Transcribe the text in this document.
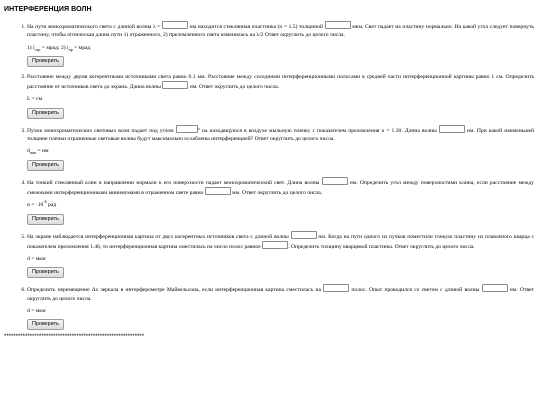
ИНТЕРФЕРЕНЦИЯ ВОЛН
1. На пути монохроматического света с длиной волны λ =	нм находится стеклянная пластинка (n = 1.5) толщиной	мкм. Свет падает на пластину нормально. На какой угол следует повернуть пластину, чтобы оптическая длина пути 1) отраженного, 2) преломленного света изменилась на λ/2 Ответ округлить до целого числа.
1) $i_{отр}$ = мрад; 2) $i_{пр}$ = мрад
Проверить
2. Расстояние между двумя когерентными источниками света равно 0.1 мм. Расстояние между соседними интерференционными полосами в средней части интерференционной картины равно 1 см. Определить расстояние от источников света до экрана. Длина волны	нм. Ответ округлить до целого числа.
L = см
Проверить
3. Пучок монохроматических световых волн падает под углом	° на находящуюся в воздухе мыльную пленку с показателем преломления n = 1.30. Длина волны	нм. При какой наименьшей толщине пленки отраженные световые волны будут максимально ослаблены интерференцией? Ответ округлить до целого числа.
$d_{min}$ = нм
Проверить
4. На тонкий стеклянный клин в направлении нормали к его поверхности падает монохроматический свет. Длина волны	нм. Определить угол между поверхностями клина, если расстояние между смежными интерференционными минимумами в отраженном свете равно	мм. Ответ округлить до целого числа.
$\alpha = \cdot 10^{-6}$ рад
Проверить
5. На экране наблюдается интерференционная картина от двух когерентных источников света с длиной волны	нм. Когда на пути одного из пучков поместили тонкую пластину из плавленого кварца с показателем преломления 1.46, то интерференционная картина сместилась на число полос равное	. Определить толщину кварцевой пластины. Ответ округлить до целого числа.
d = мкм
Проверить
6. Определить перемещение Δх зеркала в интерферометре Майкельсона, если интерференционная картина сместилась на	полос. Опыт проводился со светом с длиной волны	нм. Ответ округлить до целого числа.
d = мкм
Проверить
************************************************************
